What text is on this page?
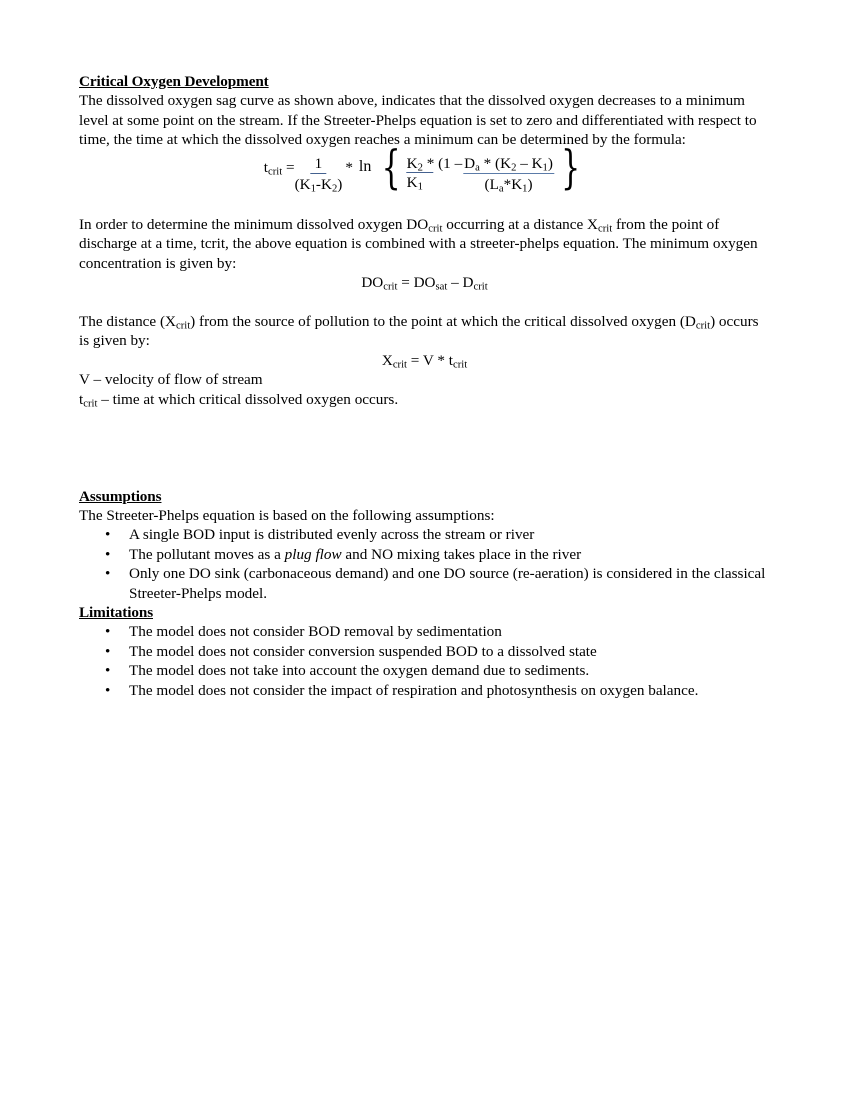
Critical Oxygen Development

The dissolved oxygen sag curve as shown above, indicates that the dissolved oxygen decreases to a minimum level at some point on the stream. If the Streeter-Phelps equation is set to zero and differentiated with respect to time, the time at which the dissolved oxygen reaches a minimum can be determined by the formula:

$t_{crit} = \frac{1}{(K_1-K_2)} * \ln$ { $\frac{K_2 * (1 -}{K_1} \frac{D_a * (K_2 - K_1)}{(L_a*K_1)}$ }

In order to determine the minimum dissolved oxygen $DO_{crit}$ occurring at a distance $X_{crit}$ from the point of discharge at a time, tcrit, the above equation is combined with a streeter-phelps equation. The minimum oxygen concentration is given by:

$DO_{crit} = DO_{sat} - D_{crit}$

The distance $(X_{crit})$ from the source of pollution to the point at which the critical dissolved oxygen $(D_{crit})$ occurs is given by:

$X_{crit} = V * t_{crit}$

V – velocity of flow of stream

$t_{crit}$ – time at which critical dissolved oxygen occurs.

Assumptions

The Streeter-Phelps equation is based on the following assumptions:

• A single BOD input is distributed evenly across the stream or river
• The pollutant moves as a plug flow and NO mixing takes place in the river
• Only one DO sink (carbonaceous demand) and one DO source (re-aeration) is considered in the classical Streeter-Phelps model.
Limitations
• The model does not consider BOD removal by sedimentation
• The model does not consider conversion suspended BOD to a dissolved state
• The model does not take into account the oxygen demand due to sediments.
• The model does not consider the impact of respiration and photosynthesis on oxygen balance.
